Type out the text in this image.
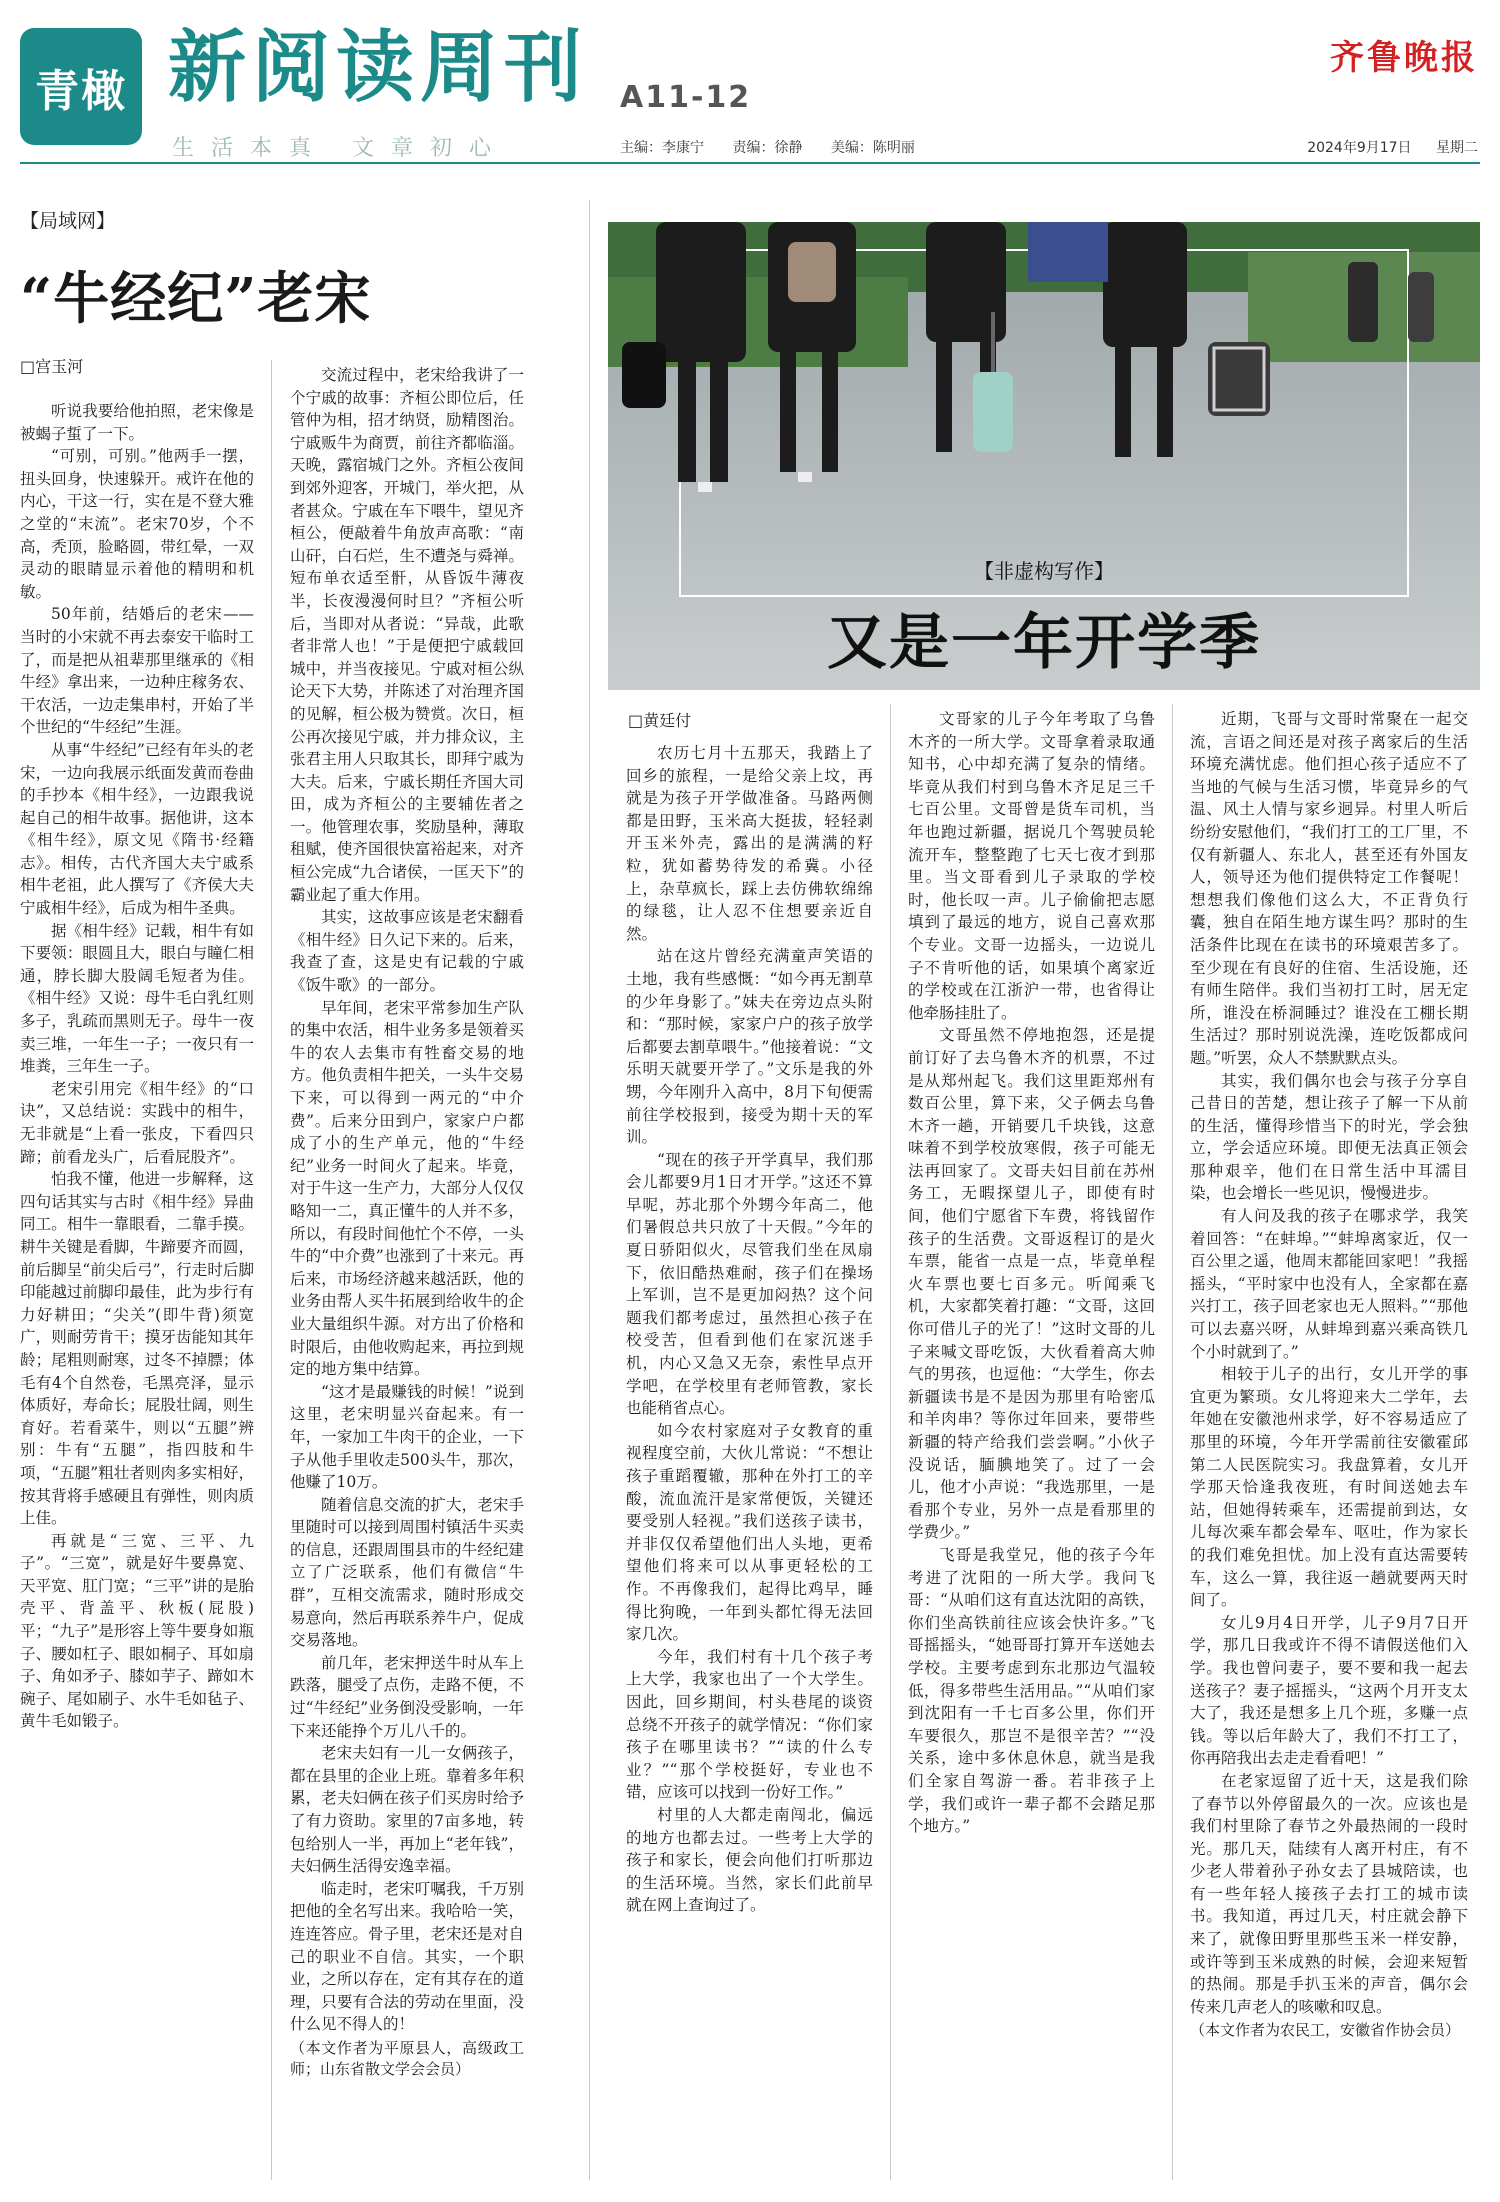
青橄 新阅读周刊 A11-12
齐鲁晚报
生活本真 文章初心	主编：李康宁 责编：徐静 美编：陈明丽	2024年9月17日 星期二
【局域网】
“牛经纪”老宋
□宫玉河

听说我要给他拍照，老宋像是被蝎子蜇了一下。

“可别，可别。”他两手一摆，扭头回身，快速躲开。戒许在他的内心，干这一行，实在是不登大雅之堂的“末流”。老宋70岁，个不高，秃顶，脸略圆，带红晕，一双灵动的眼睛显示着他的精明和机敏。

50年前，结婚后的老宋——当时的小宋就不再去泰安干临时工了，而是把从祖辈那里继承的《相牛经》拿出来，一边种庄稼务农、干农活，一边走集串村，开始了半个世纪的“牛经纪”生涯。

从事“牛经纪”已经有年头的老宋，一边向我展示纸面发黄而卷曲的手抄本《相牛经》，一边跟我说起自己的相牛故事。据他讲，这本《相牛经》，原文见《隋书·经籍志》。相传，古代齐国大夫宁戚系相牛老祖，此人撰写了《齐侯大夫宁戚相牛经》，后成为相牛圣典。

据《相牛经》记载，相牛有如下要领：眼圆且大，眼白与瞳仁相通，脖长脚大股阔毛短者为佳。《相牛经》又说：母牛毛白乳红则多子，乳疏而黑则无子。母牛一夜卖三堆，一年生一子；一夜只有一堆粪，三年生一子。

老宋引用完《相牛经》的“口诀”，又总结说：实践中的相牛，无非就是“上看一张皮，下看四只蹄；前看龙头广，后看屁股齐”。

怕我不懂，他进一步解释，这四句话其实与古时《相牛经》异曲同工。相牛一靠眼看，二靠手摸。耕牛关键是看脚，牛蹄要齐而圆，前后脚呈“前尖后弓”，行走时后脚印能越过前脚印最佳，此为步行有力好耕田；“尖关”(即牛背)须宽广，则耐劳肯干；摸牙齿能知其年龄；尾粗则耐寒，过冬不掉膘；体毛有4个自然卷，毛黑亮泽，显示体质好，寿命长；屁股壮阔，则生育好。若看菜牛，则以“五腿”辨别：牛有“五腿”，指四肢和牛项，“五腿”粗壮者则肉多实相好，按其背将手感硬且有弹性，则肉质上佳。

再就是“三宽、三平、九子”。“三宽”，就是好牛要鼻宽、天平宽、肛门宽；“三平”讲的是胎壳平、背盖平、秋板(屁股)平；“九子”是形容上等牛要身如瓶子、腰如杠子、眼如桐子、耳如扇子、角如矛子、膝如芋子、蹄如木碗子、尾如刷子、水牛毛如毡子、黄牛毛如锻子。

交流过程中，老宋给我讲了一个宁戚的故事：齐桓公即位后，任管仲为相，招才纳贤，励精图治。宁戚贩牛为商贾，前往齐都临淄。天晚，露宿城门之外。齐桓公夜间到郊外迎客，开城门，举火把，从者甚众。宁戚在车下喂牛，望见齐桓公，便敲着牛角放声高歌：“南山矸，白石烂，生不遭尧与舜禅。短布单衣适至骭，从昏饭牛薄夜半，长夜漫漫何时旦？”齐桓公听后，当即对从者说：“异哉，此歌者非常人也！”于是便把宁戚载回城中，并当夜接见。宁戚对桓公纵论天下大势，并陈述了对治理齐国的见解，桓公极为赞赏。次日，桓公再次接见宁戚，并力排众议，主张君主用人只取其长，即拜宁戚为大夫。后来，宁戚长期任齐国大司田，成为齐桓公的主要辅佐者之一。他管理农事，奖励垦种，薄取租赋，使齐国很快富裕起来，对齐桓公完成“九合诸侯，一匡天下”的霸业起了重大作用。

其实，这故事应该是老宋翻看《相牛经》日久记下来的。后来，我查了查，这是史有记载的宁戚《饭牛歌》的一部分。

早年间，老宋平常参加生产队的集中农活，相牛业务多是领着买牛的农人去集市有牲畜交易的地方。他负责相牛把关，一头牛交易下来，可以得到一两元的“中介费”。后来分田到户，家家户户都成了小的生产单元，他的“牛经纪”业务一时间火了起来。毕竟，对于牛这一生产力，大部分人仅仅略知一二，真正懂牛的人并不多，所以，有段时间他忙个不停，一头牛的“中介费”也涨到了十来元。再后来，市场经济越来越活跃，他的业务由帮人买牛拓展到给收牛的企业大量组织牛源。对方出了价格和时限后，由他收购起来，再拉到规定的地方集中结算。

“这才是最赚钱的时候！”说到这里，老宋明显兴奋起来。有一年，一家加工牛肉干的企业，一下子从他手里收走500头牛，那次，他赚了10万。

随着信息交流的扩大，老宋手里随时可以接到周围村镇活牛买卖的信息，还跟周围县市的牛经纪建立了广泛联系，他们有微信“牛群”，互相交流需求，随时形成交易意向，然后再联系养牛户，促成交易落地。

前几年，老宋押送牛时从车上跌落，腿受了点伤，走路不便，不过“牛经纪”业务倒没受影响，一年下来还能挣个万儿八千的。

老宋夫妇有一儿一女俩孩子，都在县里的企业上班。靠着多年积累，老夫妇俩在孩子们买房时给予了有力资助。家里的7亩多地，转包给别人一半，再加上“老年钱”，夫妇俩生活得安逸幸福。

临走时，老宋叮嘱我，千万别把他的全名写出来。我哈哈一笑，连连答应。骨子里，老宋还是对自己的职业不自信。其实，一个职业，之所以存在，定有其存在的道理，只要有合法的劳动在里面，没什么见不得人的！

（本文作者为平原县人，高级政工师；山东省散文学会会员）

【非虚构写作】
又是一年开学季
□黄廷付

农历七月十五那天，我踏上了回乡的旅程，一是给父亲上坟，再就是为孩子开学做准备。马路两侧都是田野，玉米高大挺拔，轻轻剥开玉米外壳，露出的是满满的籽粒，犹如蓄势待发的希冀。小径上，杂草疯长，踩上去仿佛软绵绵的绿毯，让人忍不住想要亲近自然。

站在这片曾经充满童声笑语的土地，我有些感慨：“如今再无割草的少年身影了。”妹夫在旁边点头附和：“那时候，家家户户的孩子放学后都要去割草喂牛。”他接着说：“文乐明天就要开学了。”文乐是我的外甥，今年刚升入高中，8月下旬便需前往学校报到，接受为期十天的军训。

“现在的孩子开学真早，我们那会儿都要9月1日才开学。”这还不算早呢，苏北那个外甥今年高二，他们暑假总共只放了十天假。”今年的夏日骄阳似火，尽管我们坐在凤扇下，依旧酷热难耐，孩子们在操场上军训，岂不是更加闷热？这个问题我们都考虑过，虽然担心孩子在校受苦，但看到他们在家沉迷手机，内心又急又无奈，索性早点开学吧，在学校里有老师管教，家长也能稍省点心。

如今农村家庭对子女教育的重视程度空前，大伙儿常说：“不想让孩子重蹈覆辙，那种在外打工的辛酸，流血流汗是家常便饭，关键还要受别人轻视。”我们送孩子读书，并非仅仅希望他们出人头地，更希望他们将来可以从事更轻松的工作。不再像我们，起得比鸡早，睡得比狗晚，一年到头都忙得无法回家几次。

今年，我们村有十几个孩子考上大学，我家也出了一个大学生。因此，回乡期间，村头巷尾的谈资总绕不开孩子的就学情况：“你们家孩子在哪里读书？”“读的什么专业？”“那个学校挺好，专业也不错，应该可以找到一份好工作。”

村里的人大都走南闯北，偏远的地方也都去过。一些考上大学的孩子和家长，便会向他们打听那边的生活环境。当然，家长们此前早就在网上查询过了。

文哥家的儿子今年考取了乌鲁木齐的一所大学。文哥拿着录取通知书，心中却充满了复杂的情绪。毕竟从我们村到乌鲁木齐足足三千七百公里。文哥曾是货车司机，当年也跑过新疆，据说几个驾驶员轮流开车，整整跑了七天七夜才到那里。当文哥看到儿子录取的学校时，他长叹一声。儿子偷偷把志愿填到了最远的地方，说自己喜欢那个专业。文哥一边摇头，一边说儿子不肯听他的话，如果填个离家近的学校或在江浙沪一带，也省得让他牵肠挂肚了。

文哥虽然不停地抱怨，还是提前订好了去乌鲁木齐的机票，不过是从郑州起飞。我们这里距郑州有数百公里，算下来，父子俩去乌鲁木齐一趟，开销要几千块钱，这意味着不到学校放寒假，孩子可能无法再回家了。文哥夫妇目前在苏州务工，无暇探望儿子，即使有时间，他们宁愿省下车费，将钱留作孩子的生活费。文哥返程订的是火车票，能省一点是一点，毕竟单程火车票也要七百多元。听闻乘飞机，大家都笑着打趣：“文哥，这回你可借儿子的光了！”这时文哥的儿子来喊文哥吃饭，大伙看着高大帅气的男孩，也逗他：“大学生，你去新疆读书是不是因为那里有哈密瓜和羊肉串？等你过年回来，要带些新疆的特产给我们尝尝啊。”小伙子没说话，腼腆地笑了。过了一会儿，他才小声说：“我选那里，一是看那个专业，另外一点是看那里的学费少。”

飞哥是我堂兄，他的孩子今年考进了沈阳的一所大学。我问飞哥：“从咱们这有直达沈阳的高铁，你们坐高铁前往应该会快许多。”飞哥摇摇头，“她哥哥打算开车送她去学校。主要考虑到东北那边气温较低，得多带些生活用品。”“从咱们家到沈阳有一千七百多公里，你们开车要很久，那岂不是很辛苦？”“没关系，途中多休息休息，就当是我们全家自驾游一番。若非孩子上学，我们或许一辈子都不会踏足那个地方。”

近期，飞哥与文哥时常聚在一起交流，言语之间还是对孩子离家后的生活环境充满忧虑。他们担心孩子适应不了当地的气候与生活习惯，毕竟异乡的气温、风土人情与家乡迥异。村里人听后纷纷安慰他们，“我们打工的工厂里，不仅有新疆人、东北人，甚至还有外国友人，领导还为他们提供特定工作餐呢！想想我们像他们这么大，不正背负行囊，独自在陌生地方谋生吗？那时的生活条件比现在在读书的环境艰苦多了。至少现在有良好的住宿、生活设施，还有师生陪伴。我们当初打工时，居无定所，谁没在桥洞睡过？谁没在工棚长期生活过？那时别说洗澡，连吃饭都成问题。”听罢，众人不禁默默点头。

其实，我们偶尔也会与孩子分享自己昔日的苦楚，想让孩子了解一下从前的生活，懂得珍惜当下的时光，学会独立，学会适应环境。即便无法真正领会那种艰辛，他们在日常生活中耳濡目染，也会增长一些见识，慢慢进步。

有人问及我的孩子在哪求学，我笑着回答：“在蚌埠。”“蚌埠离家近，仅一百公里之遥，他周末都能回家吧！”我摇摇头，“平时家中也没有人，全家都在嘉兴打工，孩子回老家也无人照料。”“那他可以去嘉兴呀，从蚌埠到嘉兴乘高铁几个小时就到了。”

相较于儿子的出行，女儿开学的事宜更为繁琐。女儿将迎来大二学年，去年她在安徽池州求学，好不容易适应了那里的环境，今年开学需前往安徽霍邱第二人民医院实习。我盘算着，女儿开学那天恰逢我夜班，有时间送她去车站，但她得转乘车，还需提前到达，女儿每次乘车都会晕车、呕吐，作为家长的我们难免担忧。加上没有直达需要转车，这么一算，我往返一趟就要两天时间了。

女儿9月4日开学，儿子9月7日开学，那几日我或许不得不请假送他们入学。我也曾问妻子，要不要和我一起去送孩子？妻子摇摇头，“这两个月开支太大了，我还是想多上几个班，多赚一点钱。等以后年龄大了，我们不打工了，你再陪我出去走走看看吧！”

在老家逗留了近十天，这是我们除了春节以外停留最久的一次。应该也是我们村里除了春节之外最热闹的一段时光。那几天，陆续有人离开村庄，有不少老人带着孙子孙女去了县城陪读，也有一些年轻人接孩子去打工的城市读书。我知道，再过几天，村庄就会静下来了，就像田野里那些玉米一样安静，或许等到玉米成熟的时候，会迎来短暂的热闹。那是手扒玉米的声音，偶尔会传来几声老人的咳嗽和叹息。

（本文作者为农民工，安徽省作协会员）
